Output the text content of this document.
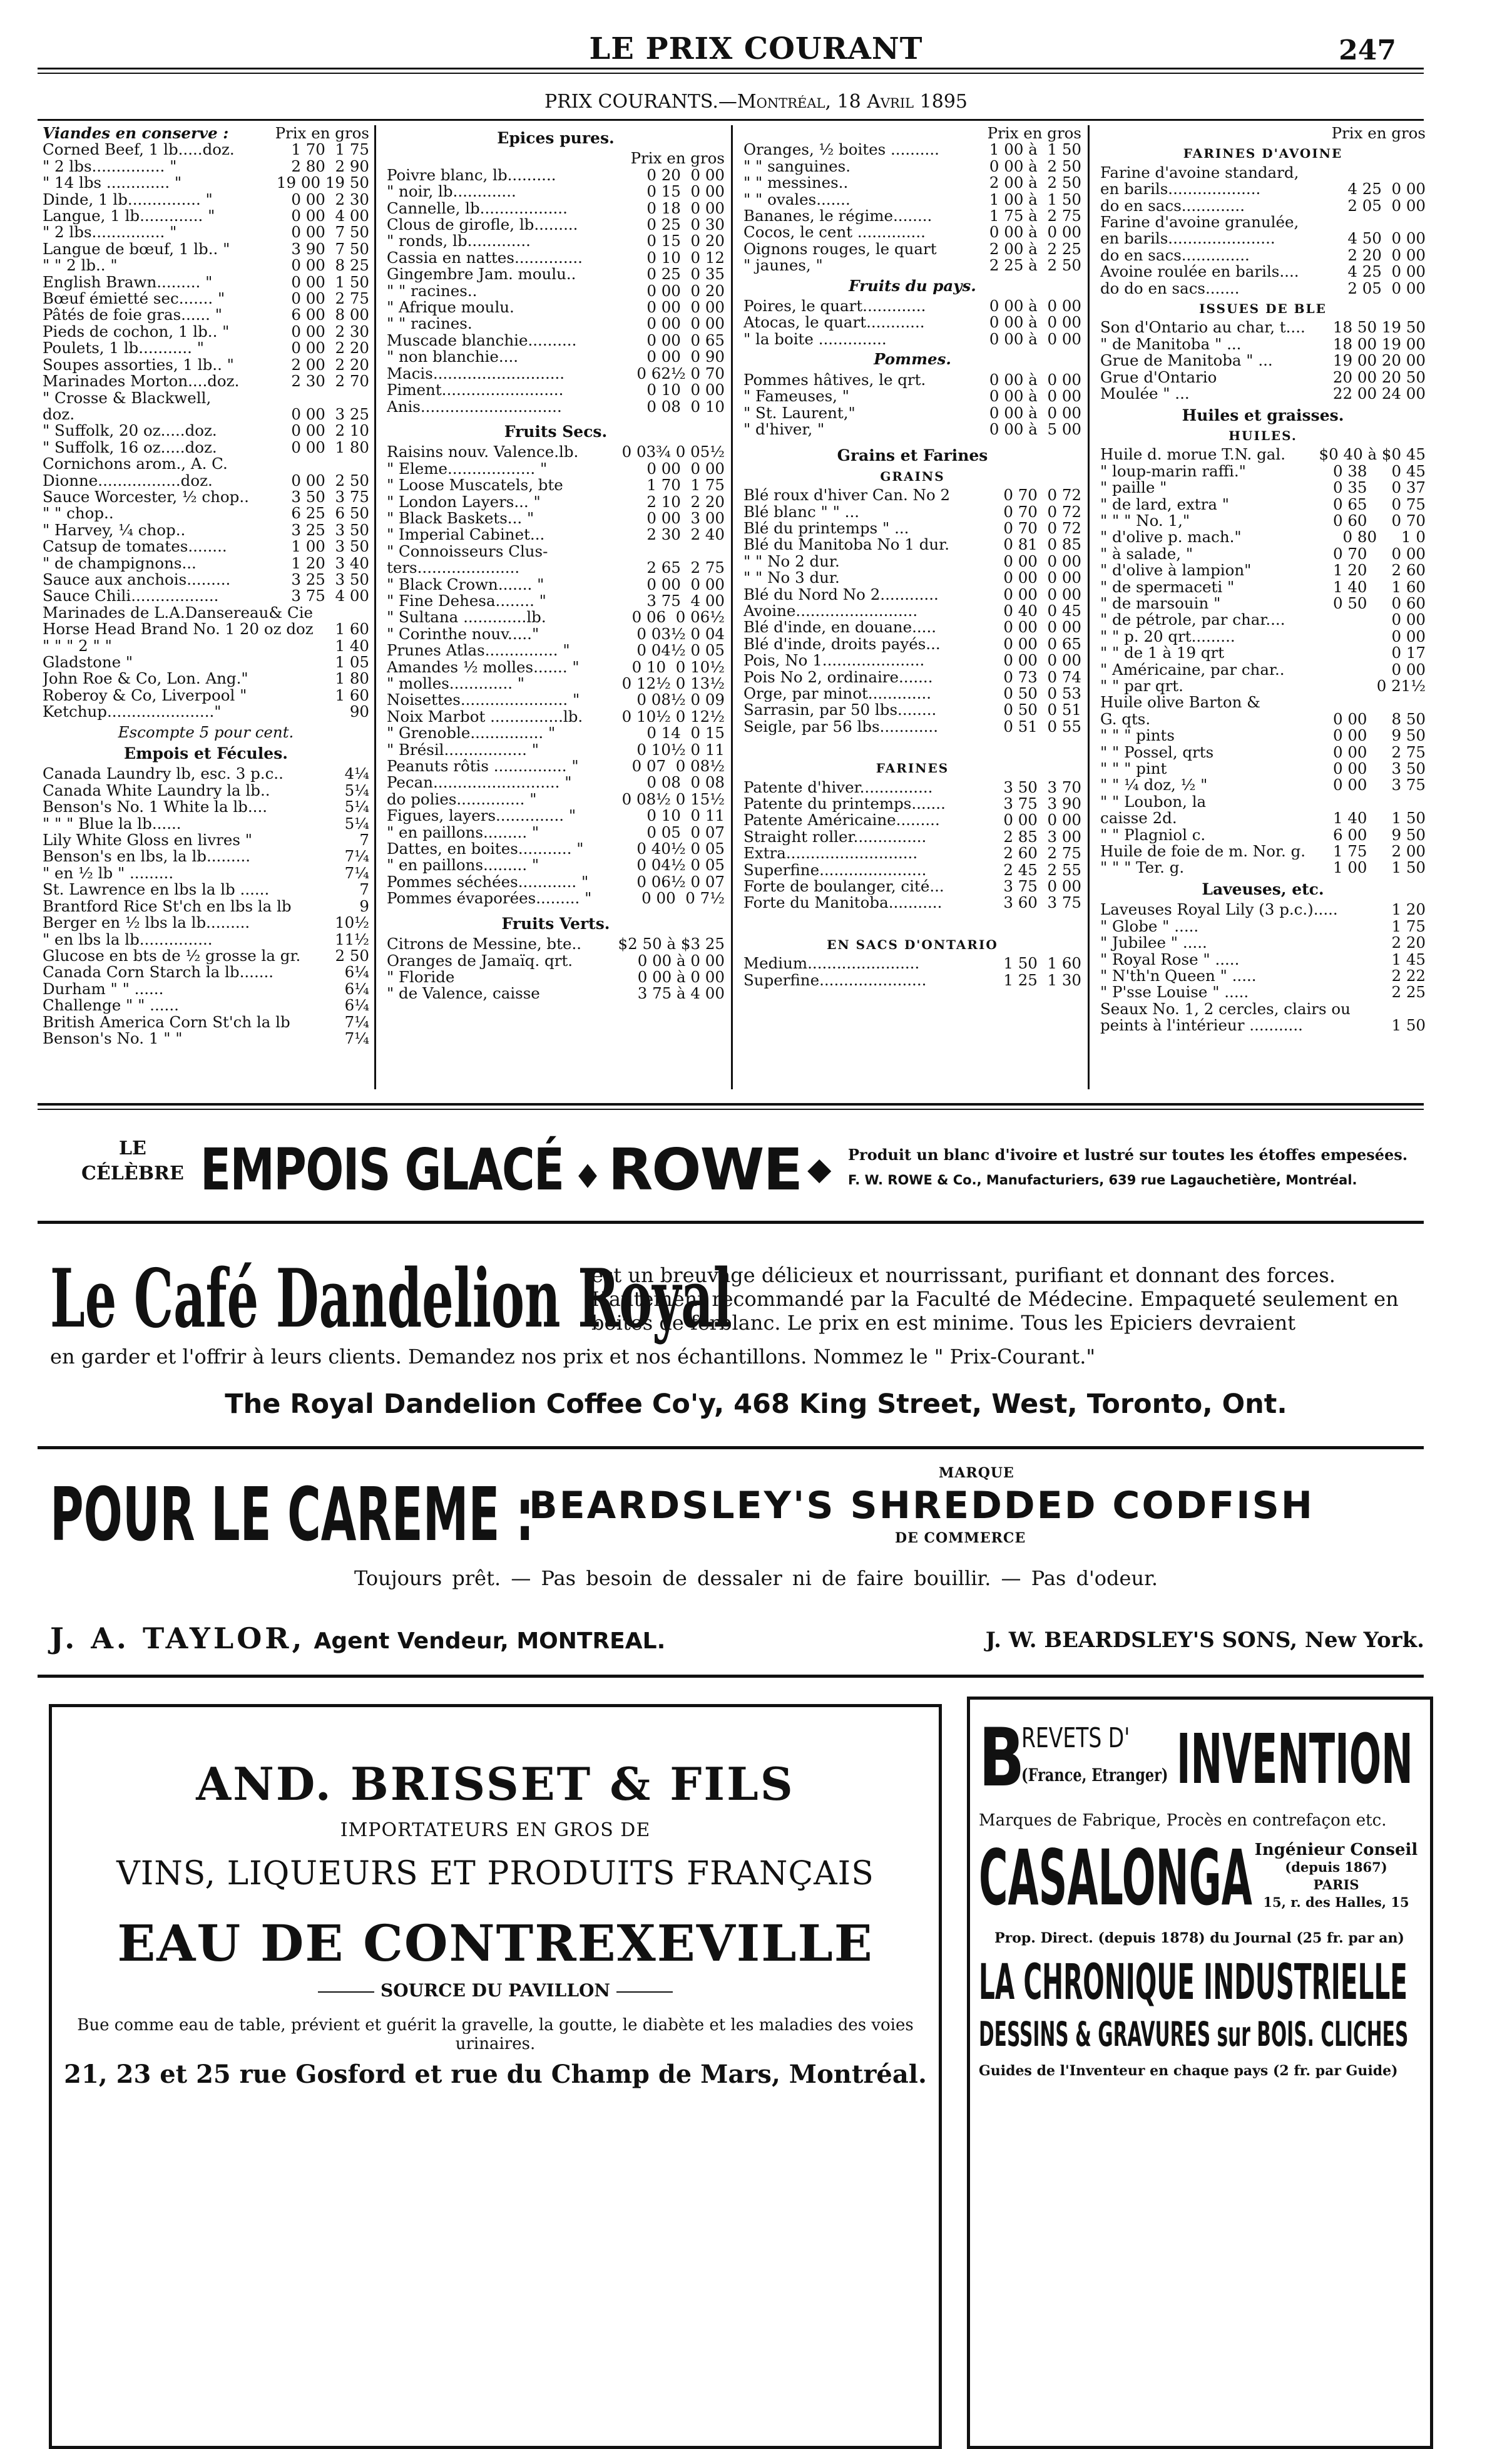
LE PRIX COURANT	247
PRIX COURANTS.—Montréal, 18 Avril 1895
Viandes en conserve :	Prix en gros
Corned Beef, 1 lb.....doz.	1 70  1 75
" 2 lbs............... "	2 80  2 90
" 14 lbs ............. "	19 00 19 50
Dinde, 1 lb............... "	0 00  2 30
Langue, 1 lb............. "	0 00  4 00
" 2 lbs............... "	0 00  7 50
Langue de bœuf, 1 lb.. "	3 90  7 50
" " 2 lb.. "	0 00  8 25
English Brawn......... "	0 00  1 50
Bœuf émietté sec....... "	0 00  2 75
Pâtés de foie gras...... "	6 00  8 00
Pieds de cochon, 1 lb.. "	0 00  2 30
Poulets, 1 lb........... "	0 00  2 20
Soupes assorties, 1 lb.. "	2 00  2 20
Marinades Morton....doz.	2 30  2 70
" Crosse & Blackwell,
doz.	0 00  3 25
" Suffolk, 20 oz.....doz.	0 00  2 10
" Suffolk, 16 oz.....doz.	0 00  1 80
Cornichons arom., A. C.
Dionne.................doz.	0 00  2 50
Sauce Worcester, ½ chop..	3 50  3 75
" " chop..	6 25  6 50
" Harvey, ¼ chop..	3 25  3 50
Catsup de tomates........	1 00  3 50
" de champignons...	1 20  3 40
Sauce aux anchois.........	3 25  3 50
Sauce Chili..................	3 75  4 00
Marinades de L.A.Dansereau& Cie
Horse Head Brand No. 1 20 oz doz	1 60
" " " 2 " "	1 40
Gladstone "	1 05
John Roe & Co, Lon. Ang."	1 80
Roberoy & Co, Liverpool "	1 60
Ketchup......................"	90
Escompte 5 pour cent.
Empois et Fécules.
Canada Laundry lb, esc. 3 p.c..	4¼
Canada White Laundry la lb..	5¼
Benson's No. 1 White la lb....	5¼
" " " Blue la lb......	5¼
Lily White Gloss en livres "	7
Benson's en lbs, la lb.........	7¼
" en ½ lb " .........	7¼
St. Lawrence en lbs la lb ......	7
Brantford Rice St'ch en lbs la lb	9
Berger en ½ lbs la lb.........	10½
" en lbs la lb...............	11½
Glucose en bts de ½ grosse la gr.	2 50
Canada Corn Starch la lb.......	6¼
Durham " " ......	6¼
Challenge " " ......	6¼
British America Corn St'ch la lb	7¼
Benson's No. 1 " "	7¼
Epices pures.
Prix en gros
Poivre blanc, lb..........	0 20  0 00
" noir, lb.............	0 15  0 00
Cannelle, lb..................	0 18  0 00
Clous de girofle, lb.........	0 25  0 30
" ronds, lb.............	0 15  0 20
Cassia en nattes..............	0 10  0 12
Gingembre Jam. moulu..	0 25  0 35
" " racines..	0 00  0 20
" Afrique moulu.	0 00  0 00
" " racines.	0 00  0 00
Muscade blanchie..........	0 00  0 65
" non blanchie....	0 00  0 90
Macis...........................	0 62½ 0 70
Piment.........................	0 10  0 00
Anis.............................	0 08  0 10
Fruits Secs.
Raisins nouv. Valence.lb.	0 03¾ 0 05½
" Eleme.................. "	0 00  0 00
" Loose Muscatels, bte	1 70  1 75
" London Layers... "	2 10  2 20
" Black Baskets... "	0 00  3 00
" Imperial Cabinet...	2 30  2 40
" Connoisseurs Clus-
ters.....................	2 65  2 75
" Black Crown....... "	0 00  0 00
" Fine Dehesa........ "	3 75  4 00
" Sultana .............lb.	0 06  0 06½
" Corinthe nouv....."	0 03½ 0 04
Prunes Atlas............... "	0 04½ 0 05
Amandes ½ molles....... "	0 10  0 10½
" molles............. "	0 12½ 0 13½
Noisettes...................... "	0 08½ 0 09
Noix Marbot ...............lb.	0 10½ 0 12½
" Grenoble............... "	0 14  0 15
" Brésil................. "	0 10½ 0 11
Peanuts rôtis ............... "	0 07  0 08½
Pecan.......................... "	0 08  0 08
do polies.............. "	0 08½ 0 15½
Figues, layers.............. "	0 10  0 11
" en paillons......... "	0 05  0 07
Dattes, en boites........... "	0 40½ 0 05
" en paillons......... "	0 04½ 0 05
Pommes séchées............ "	0 06½ 0 07
Pommes évaporées......... "	0 00  0 7½
Fruits Verts.
Citrons de Messine, bte..	$2 50 à $3 25
Oranges de Jamaïq. qrt.	0 00 à 0 00
" Floride	0 00 à 0 00
" de Valence, caisse	3 75 à 4 00
Prix en gros
Oranges, ½ boites ..........	1 00 à  1 50
" " sanguines.	0 00 à  2 50
" " messines..	2 00 à  2 50
" " ovales.......	1 00 à  1 50
Bananes, le régime........	1 75 à  2 75
Cocos, le cent ..............	0 00 à  0 00
Oignons rouges, le quart	2 00 à  2 25
" jaunes, "	2 25 à  2 50
Fruits du pays.
Poires, le quart.............	0 00 à  0 00
Atocas, le quart............	0 00 à  0 00
" la boite ..............	0 00 à  0 00
Pommes.
Pommes hâtives, le qrt.	0 00 à  0 00
" Fameuses, "	0 00 à  0 00
" St. Laurent,"	0 00 à  0 00
" d'hiver, "	0 00 à  5 00
Grains et Farines
GRAINS
Blé roux d'hiver Can. No 2	0 70  0 72
Blé blanc " " ...	0 70  0 72
Blé du printemps " ...	0 70  0 72
Blé du Manitoba No 1 dur.	0 81  0 85
" " No 2 dur.	0 00  0 00
" " No 3 dur.	0 00  0 00
Blé du Nord No 2............	0 00  0 00
Avoine.........................	0 40  0 45
Blé d'inde, en douane.....	0 00  0 00
Blé d'inde, droits payés...	0 00  0 65
Pois, No 1.....................	0 00  0 00
Pois No 2, ordinaire.......	0 73  0 74
Orge, par minot.............	0 50  0 53
Sarrasin, par 50 lbs........	0 50  0 51
Seigle, par 56 lbs............	0 51  0 55
FARINES
Patente d'hiver...............	3 50  3 70
Patente du printemps.......	3 75  3 90
Patente Américaine.........	0 00  0 00
Straight roller...............	2 85  3 00
Extra...........................	2 60  2 75
Superfine......................	2 45  2 55
Forte de boulanger, cité...	3 75  0 00
Forte du Manitoba...........	3 60  3 75
EN SACS D'ONTARIO
Medium.......................	1 50  1 60
Superfine......................	1 25  1 30
Prix en gros
FARINES D'AVOINE
Farine d'avoine standard,
en barils...................	4 25  0 00
do en sacs.............	2 05  0 00
Farine d'avoine granulée,
en barils......................	4 50  0 00
do en sacs..............	2 20  0 00
Avoine roulée en barils....	4 25  0 00
do do en sacs.......	2 05  0 00
ISSUES DE BLE
Son d'Ontario au char, t....	18 50 19 50
" de Manitoba " ...	18 00 19 00
Grue de Manitoba " ...	19 00 20 00
Grue d'Ontario	20 00 20 50
Moulée " ...	22 00 24 00
Huiles et graisses.
HUILES.
Huile d. morue T.N. gal.	$0 40 à $0 45
" loup-marin raffi."	0 38     0 45
" paille "	0 35     0 37
" de lard, extra "	0 65     0 75
" " " No. 1,"	0 60     0 70
" d'olive p. mach."	0 80     1 0
" à salade, "	0 70     0 00
" d'olive à lampion"	1 20     2 60
" de spermaceti "	1 40     1 60
" de marsouin "	0 50     0 60
" de pétrole, par char....	0 00
" " p. 20 qrt.........	0 00
" " de 1 à 19 qrt	0 17
" Américaine, par char..	0 00
" " par qrt.	0 21½
Huile olive Barton &
G. qts.	0 00     8 50
" " " pints	0 00     9 50
" " Possel, qrts	0 00     2 75
" " " pint	0 00     3 50
" " ¼ doz, ½ "	0 00     3 75
" " Loubon, la
caisse 2d.	1 40     1 50
" " Plagniol c.	6 00     9 50
Huile de foie de m. Nor. g.	1 75     2 00
" " " Ter. g.	1 00     1 50
Laveuses, etc.
Laveuses Royal Lily (3 p.c.).....	1 20
" Globe " .....	1 75
" Jubilee " .....	2 20
" Royal Rose " .....	1 45
" N'th'n Queen " .....	2 22
" P'sse Louise " .....	2 25
Seaux No. 1, 2 cercles, clairs ou
peints à l'intérieur ...........	1 50
LE
CÉLÈBRE EMPOIS GLACÉ ◆ ROWE ◆ Produit un blanc d'ivoire et lustré sur toutes les étoffes empesées.
F. W. ROWE & Co., Manufacturiers, 639 rue Lagauchetière, Montréal.
Le Café Dandelion Royal
est un breuvage délicieux et nourrissant, purifiant et donnant des forces. Hautement recommandé par la Faculté de Médecine. Empaqueté seulement en boites de ferblanc. Le prix en est minime. Tous les Epiciers devraient
en garder et l'offrir à leurs clients. Demandez nos prix et nos échantillons. Nommez le " Prix-Courant."
The Royal Dandelion Coffee Co'y, 468 King Street, West, Toronto, Ont.
POUR LE CAREME :	MARQUE
BEARDSLEY'S SHREDDED CODFISH
DE COMMERCE
Toujours prêt. — Pas besoin de dessaler ni de faire bouillir. — Pas d'odeur.
J. A. TAYLOR, Agent Vendeur, MONTREAL.	J. W. BEARDSLEY'S SONS, New York.
AND. BRISSET & FILS
IMPORTATEURS EN GROS DE
VINS, LIQUEURS ET PRODUITS FRANÇAIS
EAU DE CONTREXEVILLE
SOURCE DU PAVILLON
Bue comme eau de table, prévient et guérit la gravelle, la goutte, le diabète et les maladies des voies urinaires.
21, 23 et 25 rue Gosford et rue du Champ de Mars, Montréal.
B
REVETS D'
(France, Etranger) INVENTION
Marques de Fabrique, Procès en contrefaçon etc.
CASALONGA Ingénieur Conseil
(depuis 1867)
PARIS
15, r. des Halles, 15
Prop. Direct. (depuis 1878) du Journal (25 fr. par an)
LA CHRONIQUE INDUSTRIELLE
DESSINS & GRAVURES sur BOIS. CLICHES
Guides de l'Inventeur en chaque pays (2 fr. par Guide)
